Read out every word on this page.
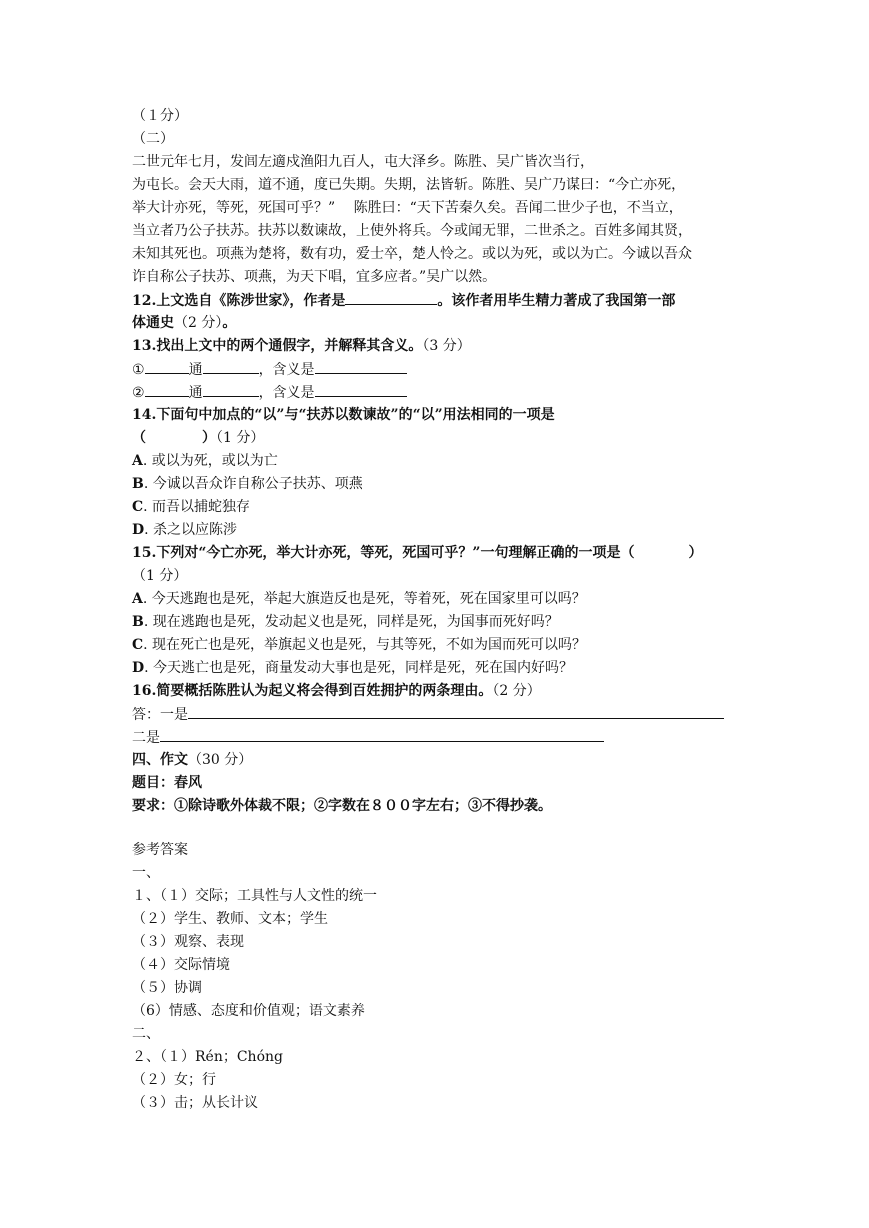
（１分）
（二）
二世元年七月，发闾左適戍渔阳九百人，屯大泽乡。陈胜、吴广皆次当行，
为屯长。会天大雨，道不通，度已失期。失期，法皆斩。陈胜、吴广乃谋曰：“今亡亦死，
举大计亦死，等死，死国可乎？”　 陈胜曰：“天下苦秦久矣。吾闻二世少子也，不当立，
当立者乃公子扶苏。扶苏以数谏故，上使外将兵。今或闻无罪，二世杀之。百姓多闻其贤，
未知其死也。项燕为楚将，数有功，爱士卒，楚人怜之。或以为死，或以为亡。今诚以吾众
诈自称公子扶苏、项燕，为天下唱，宜多应者。”吴广以然。
12.上文选自《陈涉世家》，作者是	。该作者用毕生精力著成了我国第一部
体通史（2 分）。
13.找出上文中的两个通假字，并解释其含义。（3 分）
①	通	，含义是
②	通	，含义是
14.下面句中加点的“以”与“扶苏以数谏故”的“以”用法相同的一项是
（	）（1 分）
A. 或以为死，或以为亡
B. 今诚以吾众诈自称公子扶苏、项燕
C. 而吾以捕蛇独存
D. 杀之以应陈涉
15.下列对“今亡亦死，举大计亦死，等死，死国可乎？”一句理解正确的一项是（	）
（1 分）
A. 今天逃跑也是死，举起大旗造反也是死，等着死，死在国家里可以吗？
B. 现在逃跑也是死，发动起义也是死，同样是死，为国事而死好吗？
C. 现在死亡也是死，举旗起义也是死，与其等死，不如为国而死可以吗？
D. 今天逃亡也是死，商量发动大事也是死，同样是死，死在国内好吗？
16.简要概括陈胜认为起义将会得到百姓拥护的两条理由。（2 分）
答：一是
二是
四、作文（30 分）
题目：春风
要求：①除诗歌外体裁不限；②字数在８００字左右；③不得抄袭。
参考答案
一、
１、（１）交际；工具性与人文性的统一
（２）学生、教师、文本；学生
（３）观察、表现
（４）交际情境
（５）协调
（6）情感、态度和价值观；语文素养
二、
２、（１）Rén；Chóng
（２）女；行
（３）击；从长计议
